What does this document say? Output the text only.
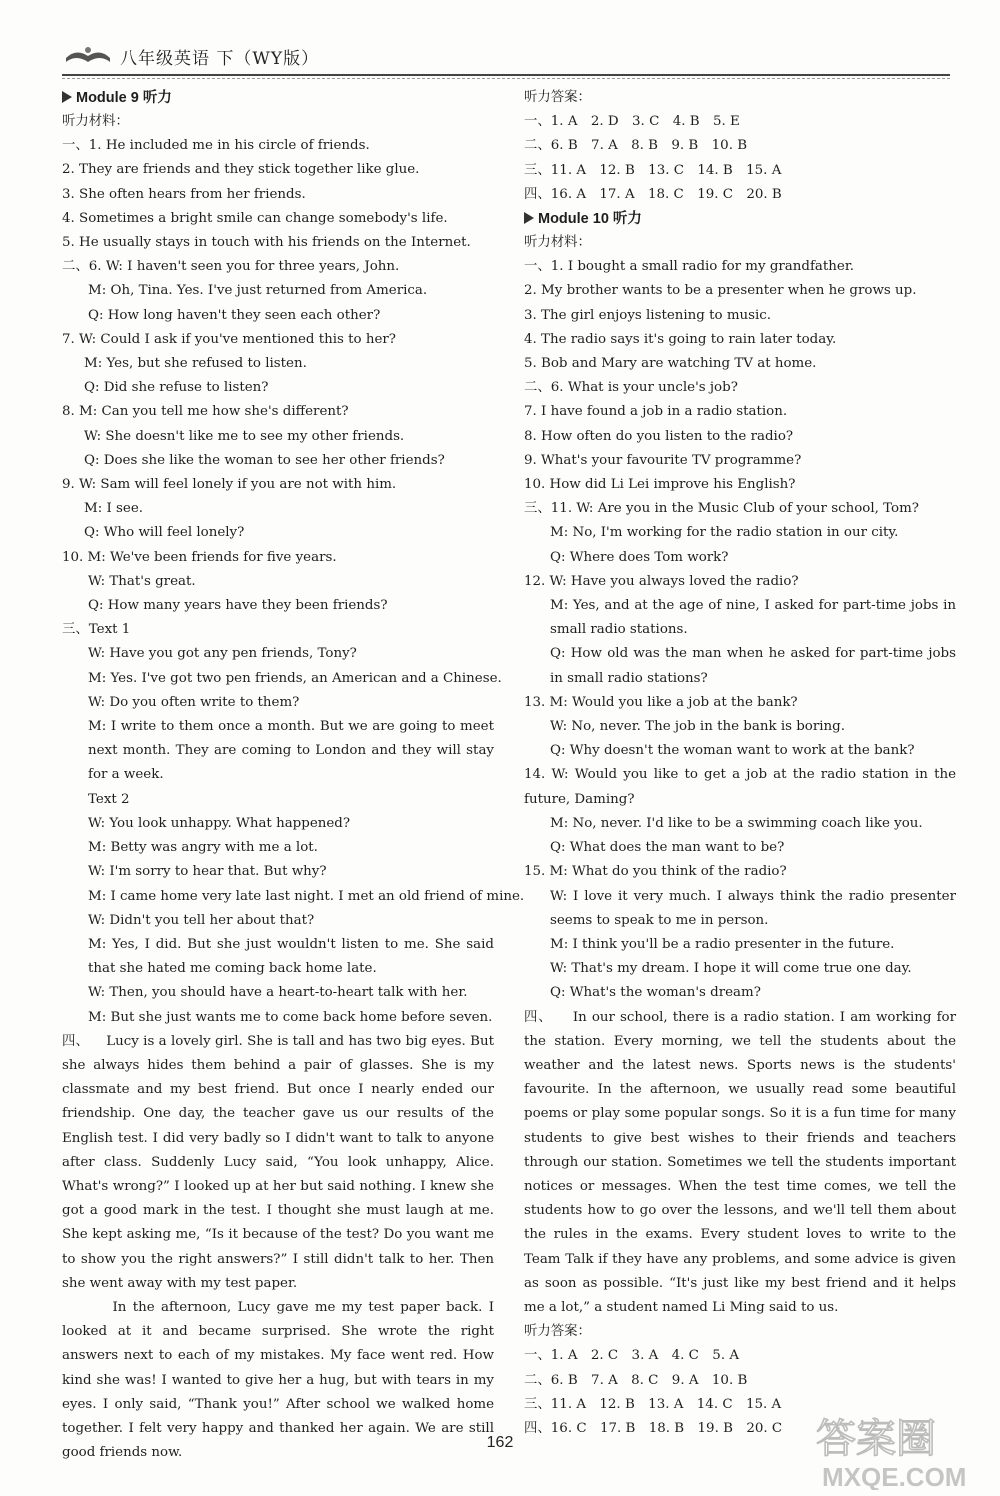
八年级英语 下（WY版）
Module 9 听力
听力材料：
一、1. He included me in his circle of friends.
2. They are friends and they stick together like glue.
3. She often hears from her friends.
4. Sometimes a bright smile can change somebody's life.
5. He usually stays in touch with his friends on the Internet.
二、6. W: I haven't seen you for three years, John.
M: Oh, Tina. Yes. I've just returned from America.
Q: How long haven't they seen each other?
7. W: Could I ask if you've mentioned this to her?
M: Yes, but she refused to listen.
Q: Did she refuse to listen?
8. M: Can you tell me how she's different?
W: She doesn't like me to see my other friends.
Q: Does she like the woman to see her other friends?
9. W: Sam will feel lonely if you are not with him.
M: I see.
Q: Who will feel lonely?
10. M: We've been friends for five years.
W: That's great.
Q: How many years have they been friends?
三、Text 1
W: Have you got any pen friends, Tony?
M: Yes. I've got two pen friends, an American and a Chinese.
W: Do you often write to them?
M: I write to them once a month. But we are going to meet next month. They are coming to London and they will stay for a week.
Text 2
W: You look unhappy. What happened?
M: Betty was angry with me a lot.
W: I'm sorry to hear that. But why?
M: I came home very late last night. I met an old friend of mine.
W: Didn't you tell her about that?
M: Yes, I did. But she just wouldn't listen to me. She said that she hated me coming back home late.
W: Then, you should have a heart-to-heart talk with her.
M: But she just wants me to come back home before seven.
四、    Lucy is a lovely girl. She is tall and has two big eyes. But she always hides them behind a pair of glasses. She is my classmate and my best friend. But once I nearly ended our friendship. One day, the teacher gave us our results of the English test. I did very badly so I didn't want to talk to anyone after class. Suddenly Lucy said, “You look unhappy, Alice. What's wrong?” I looked up at her but said nothing. I knew she got a good mark in the test. I thought she must laugh at me. She kept asking me, “Is it because of the test? Do you want me to show you the right answers?” I still didn't talk to her. Then she went away with my test paper.
In the afternoon, Lucy gave me my test paper back. I looked at it and became surprised. She wrote the right answers next to each of my mistakes. My face went red. How kind she was! I wanted to give her a hug, but with tears in my eyes. I only said, “Thank you!” After school we walked home together. I felt very happy and thanked her again. We are still good friends now.
听力答案：
一、1. A　2. D　3. C　4. B　5. E
二、6. B　7. A　8. B　9. B　10. B
三、11. A　12. B　13. C　14. B　15. A
四、16. A　17. A　18. C　19. C　20. B
Module 10 听力
听力材料：
一、1. I bought a small radio for my grandfather.
2. My brother wants to be a presenter when he grows up.
3. The girl enjoys listening to music.
4. The radio says it's going to rain later today.
5. Bob and Mary are watching TV at home.
二、6. What is your uncle's job?
7. I have found a job in a radio station.
8. How often do you listen to the radio?
9. What's your favourite TV programme?
10. How did Li Lei improve his English?
三、11. W: Are you in the Music Club of your school, Tom?
M: No, I'm working for the radio station in our city.
Q: Where does Tom work?
12. W: Have you always loved the radio?
M: Yes, and at the age of nine, I asked for part-time jobs in small radio stations.
Q: How old was the man when he asked for part-time jobs in small radio stations?
13. M: Would you like a job at the bank?
W: No, never. The job in the bank is boring.
Q: Why doesn't the woman want to work at the bank?
14. W: Would you like to get a job at the radio station in the future, Daming?
M: No, never. I'd like to be a swimming coach like you.
Q: What does the man want to be?
15. M: What do you think of the radio?
W: I love it very much. I always think the radio presenter seems to speak to me in person.
M: I think you'll be a radio presenter in the future.
W: That's my dream. I hope it will come true one day.
Q: What's the woman's dream?
四、    In our school, there is a radio station. I am working for the station. Every morning, we tell the students about the weather and the latest news. Sports news is the students' favourite. In the afternoon, we usually read some beautiful poems or play some popular songs. So it is a fun time for many students to give best wishes to their friends and teachers through our station. Sometimes we tell the students important notices or messages. When the test time comes, we tell the students how to go over the lessons, and we'll tell them about the rules in the exams. Every student loves to write to the Team Talk if they have any problems, and some advice is given as soon as possible. “It's just like my best friend and it helps me a lot,” a student named Li Ming said to us.
听力答案：
一、1. A　2. C　3. A　4. C　5. A
二、6. B　7. A　8. C　9. A　10. B
三、11. A　12. B　13. A　14. C　15. A
四、16. C　17. B　18. B　19. B　20. C
162	答案圈
MXQE.COM
